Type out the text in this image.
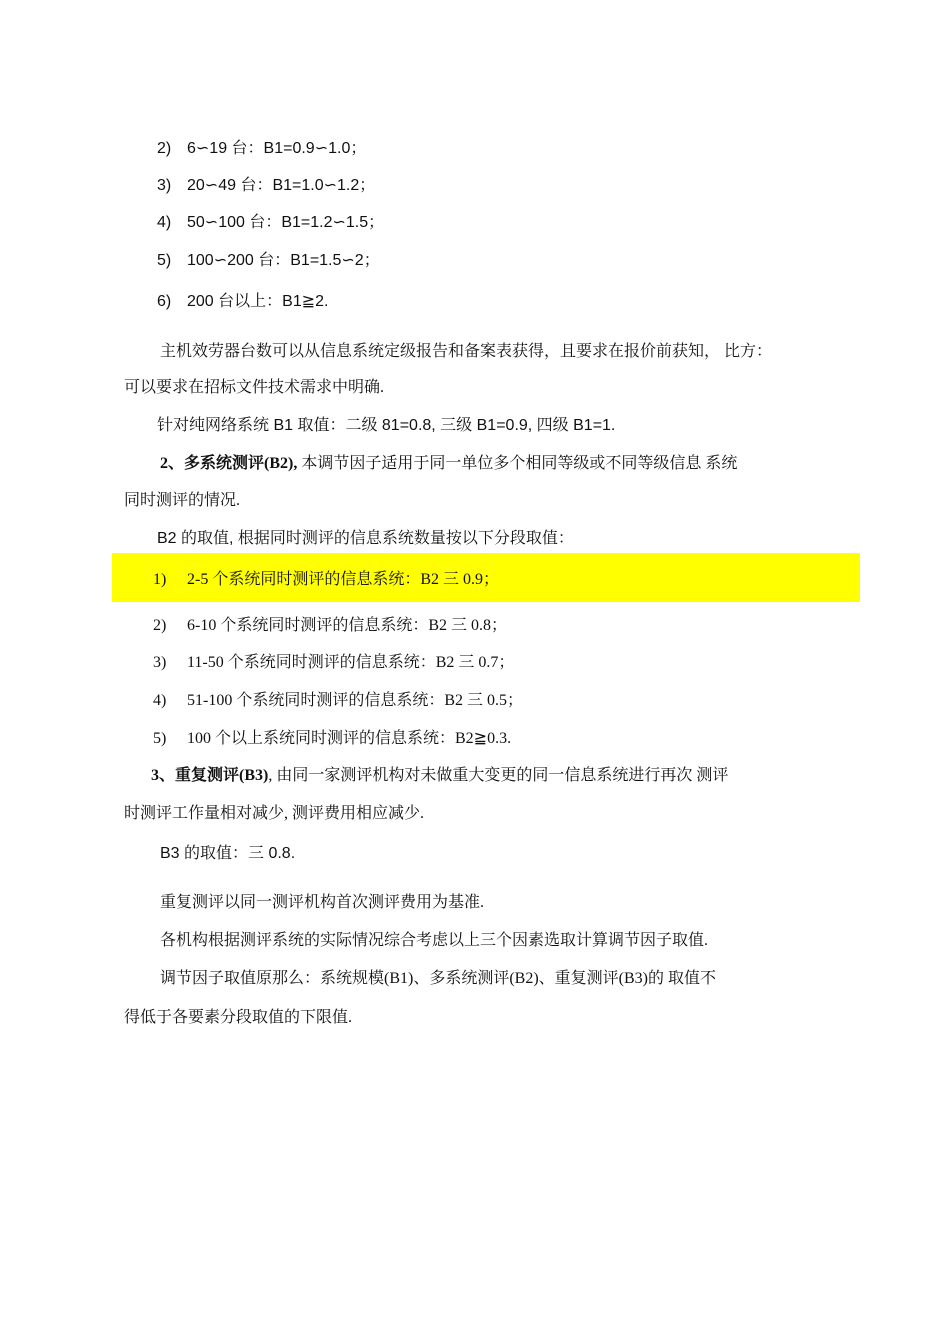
2) 6∽19 台：B1=0.9∽1.0；
3) 20∽49 台：B1=1.0∽1.2；
4) 50∽100 台：B1=1.2∽1.5；
5) 100∽200 台：B1=1.5∽2；
6) 200 台以上：B1≧2.
主机效劳器台数可以从信息系统定级报告和备案表获得，且要求在报价前获知， 比方：
可以要求在招标文件技术需求中明确.
针对纯网络系统 B1 取值：二级 81=0.8, 三级 B1=0.9, 四级 B1=1.
2、多系统测评(B2), 本调节因子适用于同一单位多个相同等级或不同等级信息 系统
同时测评的情况.
B2 的取值, 根据同时测评的信息系统数量按以下分段取值：
1) 2-5 个系统同时测评的信息系统：B2 三 0.9；
2) 6-10 个系统同时测评的信息系统：B2 三 0.8；
3) 11-50 个系统同时测评的信息系统：B2 三 0.7；
4) 51-100 个系统同时测评的信息系统：B2 三 0.5；
5) 100 个以上系统同时测评的信息系统：B2≧0.3.
3、重复测评(B3), 由同一家测评机构对未做重大变更的同一信息系统进行再次 测评
时测评工作量相对减少, 测评费用相应减少.
B3 的取值：三 0.8.
重复测评以同一测评机构首次测评费用为基准.
各机构根据测评系统的实际情况综合考虑以上三个因素选取计算调节因子取值.
调节因子取值原那么：系统规模(B1)、多系统测评(B2)、重复测评(B3)的 取值不
得低于各要素分段取值的下限值.
